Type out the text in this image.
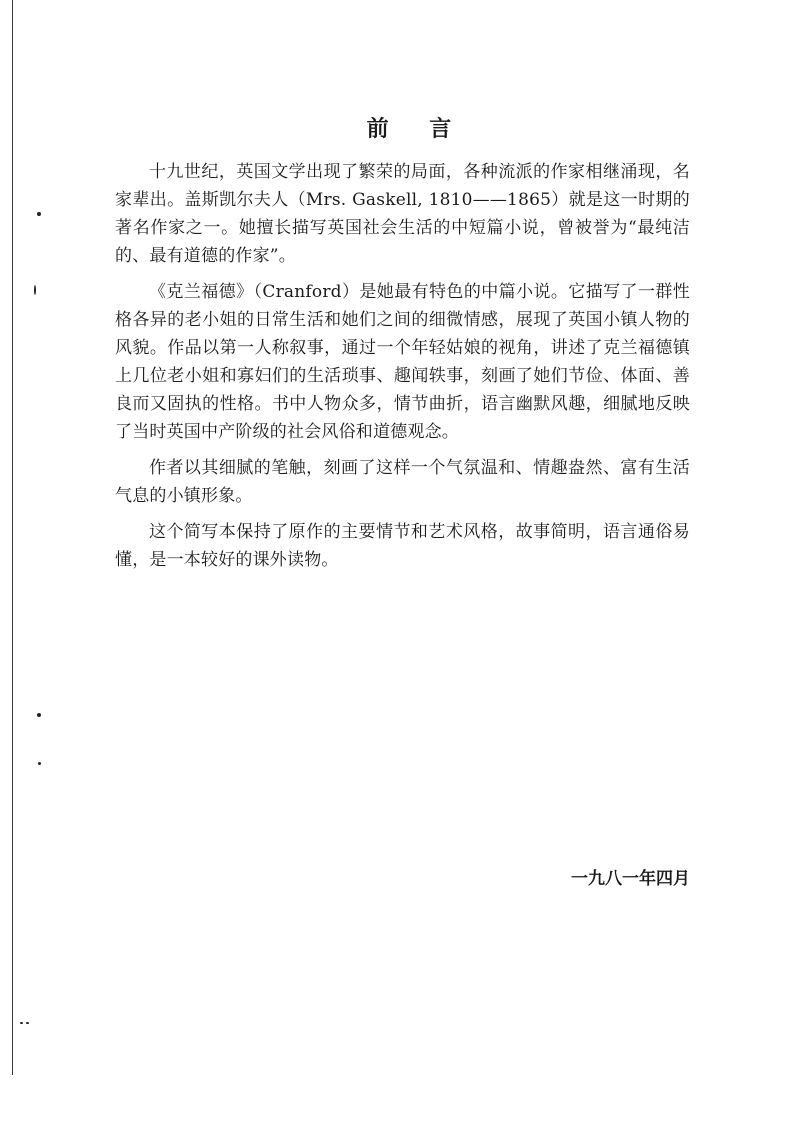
前    言

十九世纪，英国文学出现了繁荣的局面，各种流派的作家相继涌现，名家辈出。盖斯凯尔夫人（Mrs. Gaskell, 1810——1865）就是这一时期的著名作家之一。她擅长描写英国社会生活的中短篇小说，曾被誉为“最纯洁的、最有道德的作家”。

《克兰福德》（Cranford）是她最有特色的中篇小说。它描写了一群性格各异的老小姐的日常生活和她们之间的细微情感，展现了英国小镇人物的风貌。作品以第一人称叙事，通过一个年轻姑娘的视角，讲述了克兰福德镇上几位老小姐和寡妇们的生活琐事、趣闻轶事，刻画了她们节俭、体面、善良而又固执的性格。书中人物众多，情节曲折，语言幽默风趣，细腻地反映了当时英国中产阶级的社会风俗和道德观念。

作者以其细腻的笔触，刻画了这样一个气氛温和、情趣盎然、富有生活气息的小镇形象。

这个简写本保持了原作的主要情节和艺术风格，故事简明，语言通俗易懂，是一本较好的课外读物。

一九八一年四月
